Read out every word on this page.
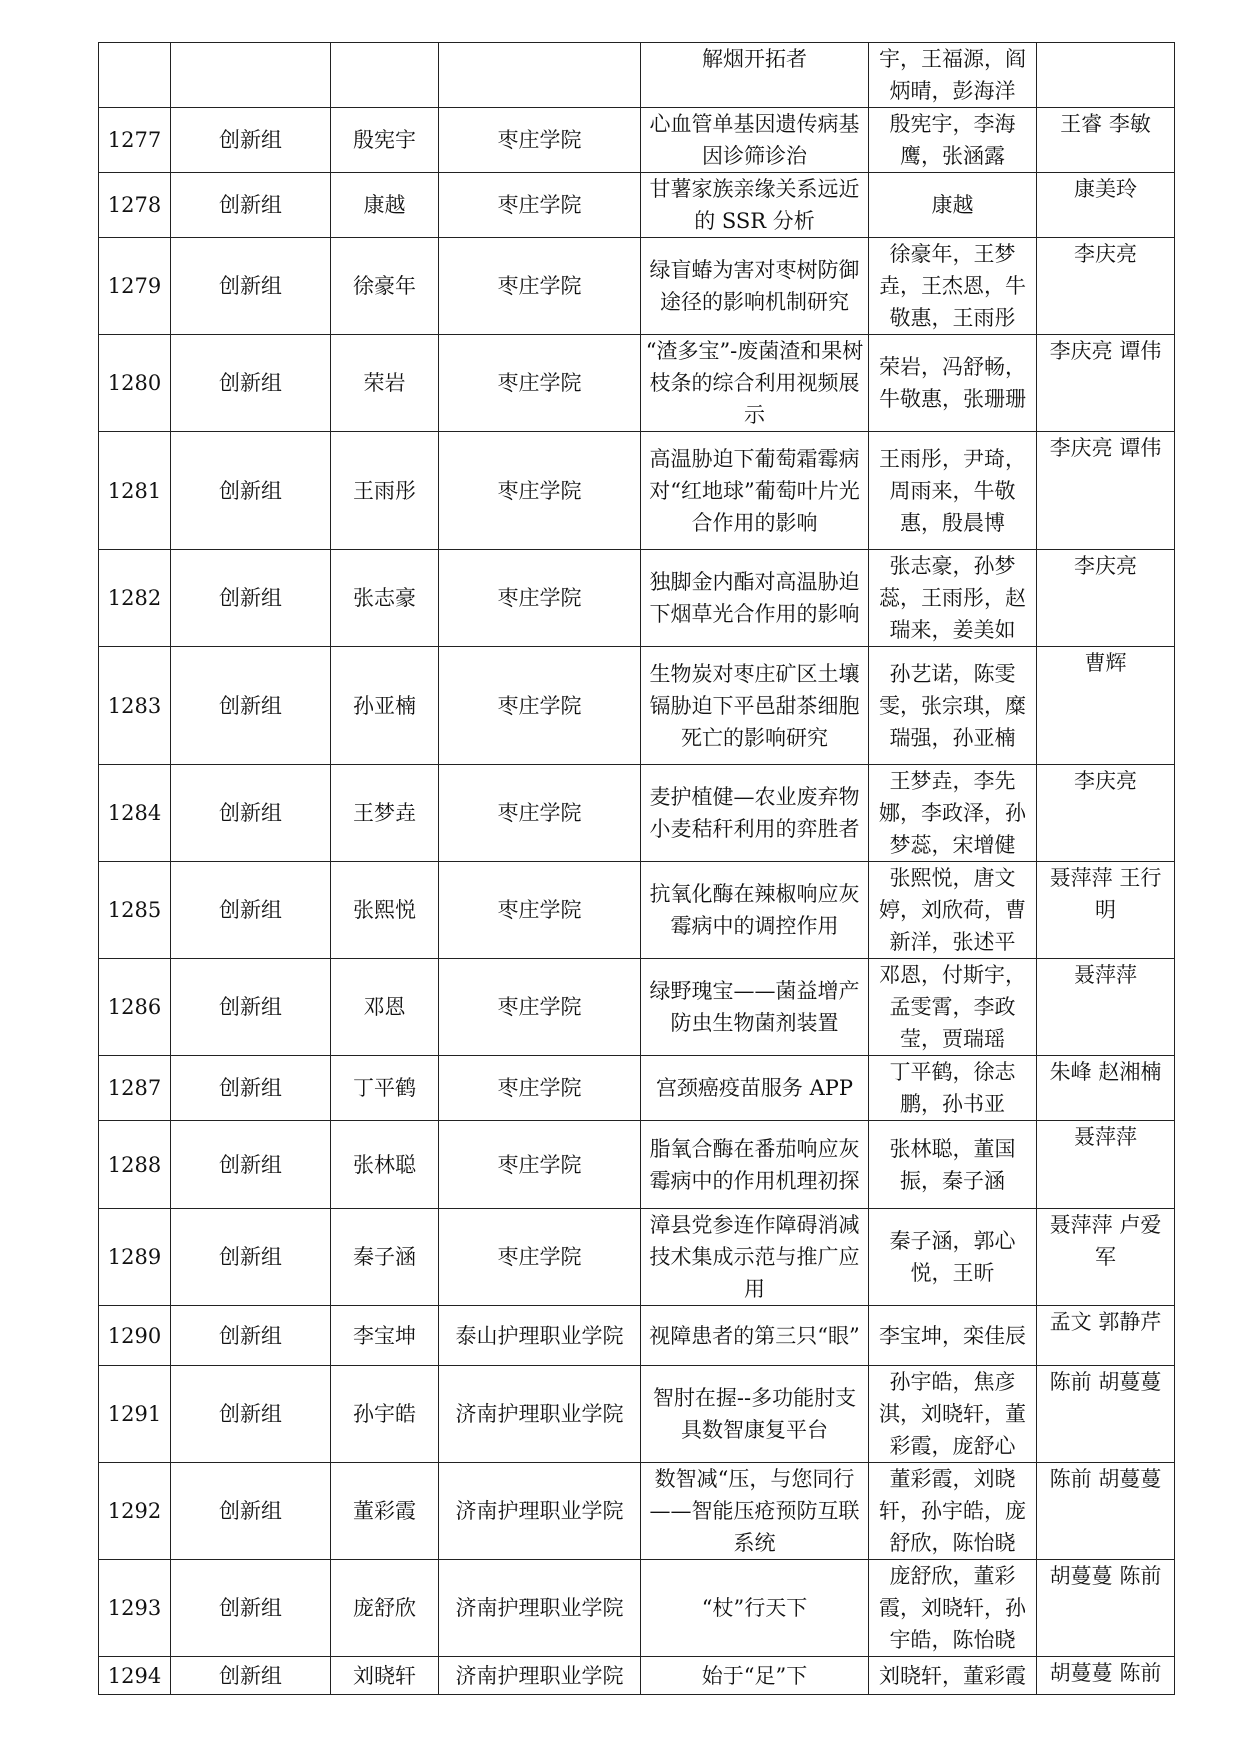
				解烟开拓者	宇，王福源，阎炳晴，彭海洋	
1277	创新组	殷宪宇	枣庄学院	心血管单基因遗传病基因诊筛诊治	殷宪宇，李海鹰，张涵露	王睿 李敏
1278	创新组	康越	枣庄学院	甘薯家族亲缘关系远近的 SSR 分析	康越	康美玲
1279	创新组	徐豪年	枣庄学院	绿盲蝽为害对枣树防御途径的影响机制研究	徐豪年，王梦垚，王杰恩，牛敬惠，王雨彤	李庆亮
1280	创新组	荣岩	枣庄学院	“渣多宝”-废菌渣和果树枝条的综合利用视频展示	荣岩，冯舒畅，牛敬惠，张珊珊	李庆亮 谭伟
1281	创新组	王雨彤	枣庄学院	高温胁迫下葡萄霜霉病对“红地球”葡萄叶片光合作用的影响	王雨彤，尹琦，周雨来，牛敬惠，殷晨博	李庆亮 谭伟
1282	创新组	张志豪	枣庄学院	独脚金内酯对高温胁迫下烟草光合作用的影响	张志豪，孙梦蕊，王雨彤，赵瑞来，姜美如	李庆亮
1283	创新组	孙亚楠	枣庄学院	生物炭对枣庄矿区土壤镉胁迫下平邑甜茶细胞死亡的影响研究	孙艺诺，陈雯雯，张宗琪，糜瑞强，孙亚楠	曹辉
1284	创新组	王梦垚	枣庄学院	麦护植健—农业废弃物小麦秸秆利用的弈胜者	王梦垚，李先娜，李政泽，孙梦蕊，宋增健	李庆亮
1285	创新组	张熙悦	枣庄学院	抗氧化酶在辣椒响应灰霉病中的调控作用	张熙悦，唐文婷，刘欣荷，曹新洋，张述平	聂萍萍 王行明
1286	创新组	邓恩	枣庄学院	绿野瑰宝——菌益增产防虫生物菌剂装置	邓恩，付斯宇，孟雯霄，李政莹，贾瑞瑶	聂萍萍
1287	创新组	丁平鹤	枣庄学院	宫颈癌疫苗服务 APP	丁平鹤，徐志鹏，孙书亚	朱峰 赵湘楠
1288	创新组	张林聪	枣庄学院	脂氧合酶在番茄响应灰霉病中的作用机理初探	张林聪，董国振，秦子涵	聂萍萍
1289	创新组	秦子涵	枣庄学院	漳县党参连作障碍消减技术集成示范与推广应用	秦子涵，郭心悦，王昕	聂萍萍 卢爱军
1290	创新组	李宝坤	泰山护理职业学院	视障患者的第三只“眼”	李宝坤，栾佳辰	孟文 郭静芹
1291	创新组	孙宇皓	济南护理职业学院	智肘在握--多功能肘支具数智康复平台	孙宇皓，焦彦淇，刘晓轩，董彩霞，庞舒心	陈前 胡蔓蔓
1292	创新组	董彩霞	济南护理职业学院	数智减“压，与您同行——智能压疮预防互联系统	董彩霞，刘晓轩，孙宇皓，庞舒欣，陈怡晓	陈前 胡蔓蔓
1293	创新组	庞舒欣	济南护理职业学院	“杖”行天下	庞舒欣，董彩霞，刘晓轩，孙宇皓，陈怡晓	胡蔓蔓 陈前
1294	创新组	刘晓轩	济南护理职业学院	始于“足”下	刘晓轩，董彩霞	胡蔓蔓 陈前
